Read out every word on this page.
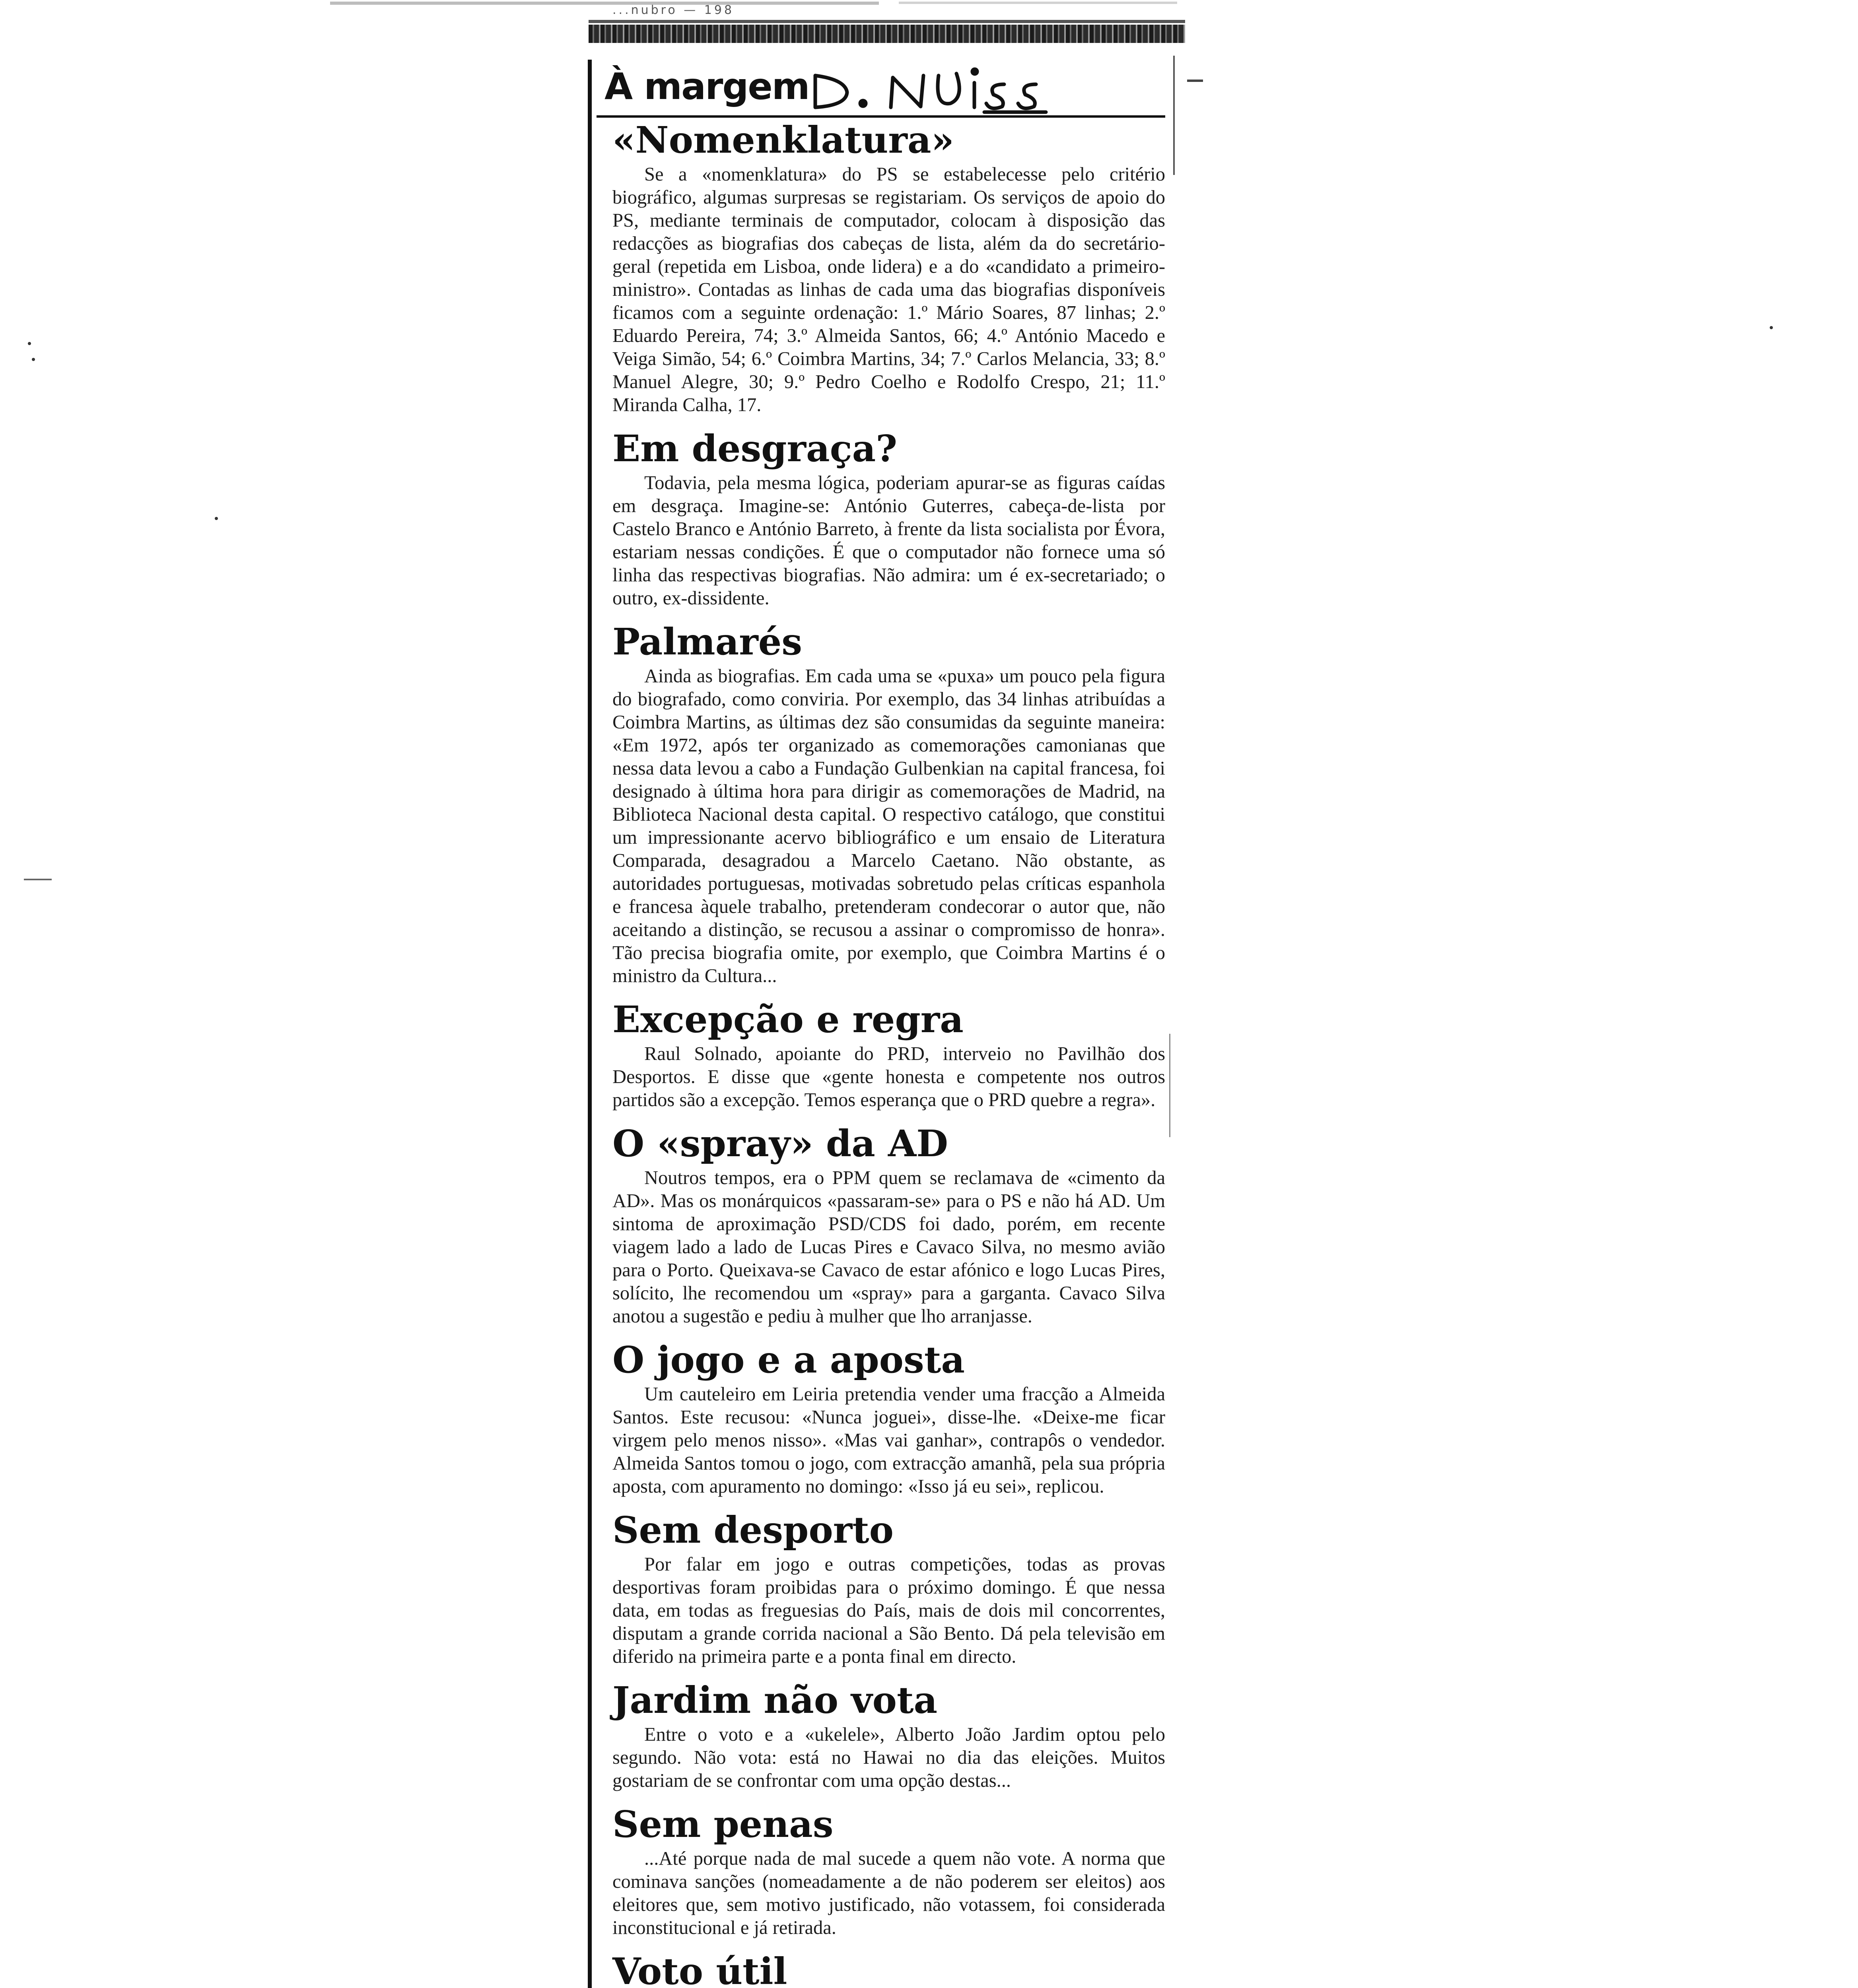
...nubro — 198
À margem
D. Notícias
«Nomenklatura»

Se a «nomenklatura» do PS se estabelecesse pelo critério biográfico, algumas surpresas se registariam. Os serviços de apoio do PS, mediante terminais de computador, colocam à disposição das redacções as biografias dos cabeças de lista, além da do secretário-geral (repetida em Lisboa, onde lidera) e a do «candidato a primeiro-ministro». Contadas as linhas de cada uma das biografias disponíveis ficamos com a seguinte ordenação: 1.º Mário Soares, 87 linhas; 2.º Eduardo Pereira, 74; 3.º Almeida Santos, 66; 4.º António Macedo e Veiga Simão, 54; 6.º Coimbra Martins, 34; 7.º Carlos Melancia, 33; 8.º Manuel Alegre, 30; 9.º Pedro Coelho e Rodolfo Crespo, 21; 11.º Miranda Calha, 17.

Em desgraça?

Todavia, pela mesma lógica, poderiam apurar-se as figuras caídas em desgraça. Imagine-se: António Guterres, cabeça-de-lista por Castelo Branco e António Barreto, à frente da lista socialista por Évora, estariam nessas condições. É que o computador não fornece uma só linha das respectivas biografias. Não admira: um é ex-secretariado; o outro, ex-dissidente.

Palmarés

Ainda as biografias. Em cada uma se «puxa» um pouco pela figura do biografado, como conviria. Por exemplo, das 34 linhas atribuídas a Coimbra Martins, as últimas dez são consumidas da seguinte maneira: «Em 1972, após ter organizado as comemorações camonianas que nessa data levou a cabo a Fundação Gulbenkian na capital francesa, foi designado à última hora para dirigir as comemorações de Madrid, na Biblioteca Nacional desta capital. O respectivo catálogo, que constitui um impressionante acervo bibliográfico e um ensaio de Literatura Comparada, desagradou a Marcelo Caetano. Não obstante, as autoridades portuguesas, motivadas sobretudo pelas críticas espanhola e francesa àquele trabalho, pretenderam condecorar o autor que, não aceitando a distinção, se recusou a assinar o compromisso de honra». Tão precisa biografia omite, por exemplo, que Coimbra Martins é o ministro da Cultura...

Excepção e regra

Raul Solnado, apoiante do PRD, interveio no Pavilhão dos Desportos. E disse que «gente honesta e competente nos outros partidos são a excepção. Temos esperança que o PRD quebre a regra».

O «spray» da AD

Noutros tempos, era o PPM quem se reclamava de «cimento da AD». Mas os monárquicos «passaram-se» para o PS e não há AD. Um sintoma de aproximação PSD/CDS foi dado, porém, em recente viagem lado a lado de Lucas Pires e Cavaco Silva, no mesmo avião para o Porto. Queixava-se Cavaco de estar afónico e logo Lucas Pires, solícito, lhe recomendou um «spray» para a garganta. Cavaco Silva anotou a sugestão e pediu à mulher que lho arranjasse.

O jogo e a aposta

Um cauteleiro em Leiria pretendia vender uma fracção a Almeida Santos. Este recusou: «Nunca joguei», disse-lhe. «Deixe-me ficar virgem pelo menos nisso». «Mas vai ganhar», contrapôs o vendedor. Almeida Santos tomou o jogo, com extracção amanhã, pela sua própria aposta, com apuramento no domingo: «Isso já eu sei», replicou.

Sem desporto

Por falar em jogo e outras competições, todas as provas desportivas foram proibidas para o próximo domingo. É que nessa data, em todas as freguesias do País, mais de dois mil concorrentes, disputam a grande corrida nacional a São Bento. Dá pela televisão em diferido na primeira parte e a ponta final em directo.

Jardim não vota

Entre o voto e a «ukelele», Alberto João Jardim optou pelo segundo. Não vota: está no Hawai no dia das eleições. Muitos gostariam de se confrontar com uma opção destas...

Sem penas

...Até porque nada de mal sucede a quem não vote. A norma que cominava sanções (nomeadamente a de não poderem ser eleitos) aos eleitores que, sem motivo justificado, não votassem, foi considerada inconstitucional e já retirada.

Voto útil
